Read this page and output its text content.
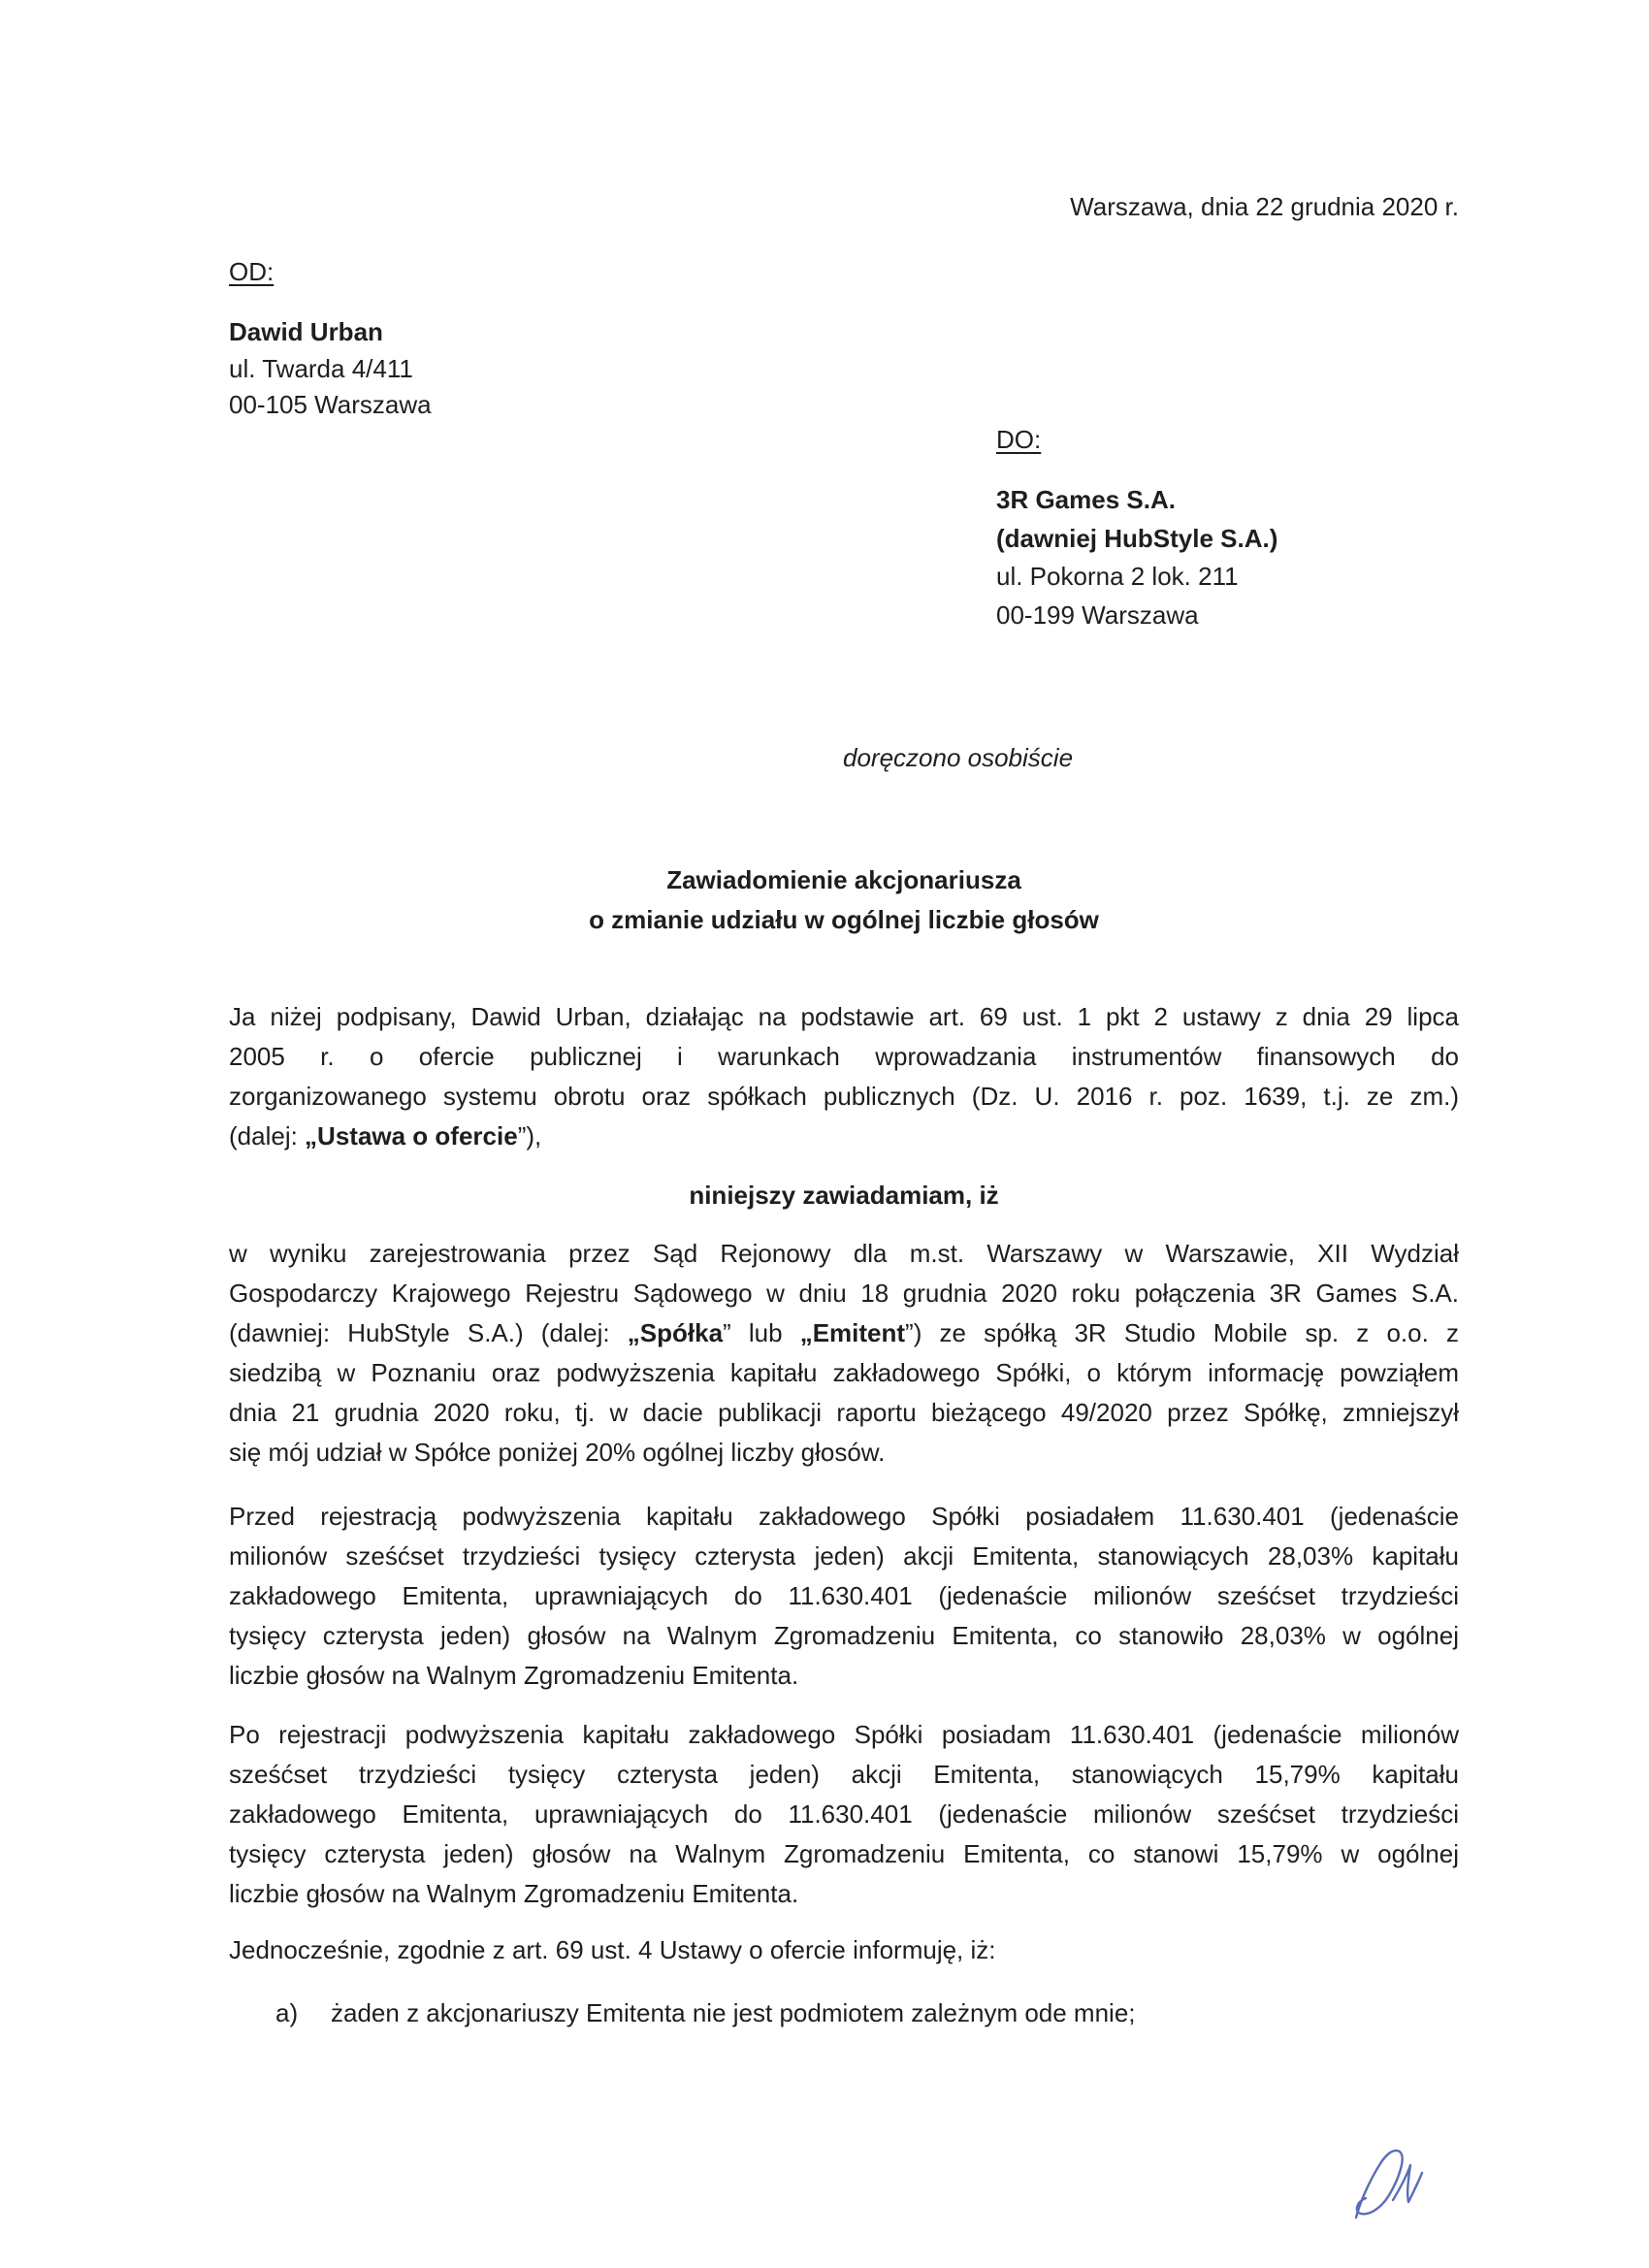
Warszawa, dnia 22 grudnia 2020 r.
OD:
Dawid Urban
ul. Twarda 4/411
00-105 Warszawa
DO:
3R Games S.A.
(dawniej HubStyle S.A.)
ul. Pokorna 2 lok. 211
00-199 Warszawa
doręczono osobiście
Zawiadomienie akcjonariusza
o zmianie udziału w ogólnej liczbie głosów
Ja niżej podpisany, Dawid Urban, działając na podstawie art. 69 ust. 1 pkt 2 ustawy z dnia 29 lipca
2005 r. o ofercie publicznej i warunkach wprowadzania instrumentów finansowych do
zorganizowanego systemu obrotu oraz spółkach publicznych (Dz. U. 2016 r. poz. 1639, t.j. ze zm.)
(dalej: „Ustawa o ofercie”),
niniejszy zawiadamiam, iż
w wyniku zarejestrowania przez Sąd Rejonowy dla m.st. Warszawy w Warszawie, XII Wydział
Gospodarczy Krajowego Rejestru Sądowego w dniu 18 grudnia 2020 roku połączenia 3R Games S.A.
(dawniej: HubStyle S.A.) (dalej: „Spółka” lub „Emitent”) ze spółką 3R Studio Mobile sp. z o.o. z
siedzibą w Poznaniu oraz podwyższenia kapitału zakładowego Spółki, o którym informację powziąłem
dnia 21 grudnia 2020 roku, tj. w dacie publikacji raportu bieżącego 49/2020 przez Spółkę, zmniejszył
się mój udział w Spółce poniżej 20% ogólnej liczby głosów.
Przed rejestracją podwyższenia kapitału zakładowego Spółki posiadałem 11.630.401 (jedenaście
milionów sześćset trzydzieści tysięcy czterysta jeden) akcji Emitenta, stanowiących 28,03% kapitału
zakładowego Emitenta, uprawniających do 11.630.401 (jedenaście milionów sześćset trzydzieści
tysięcy czterysta jeden) głosów na Walnym Zgromadzeniu Emitenta, co stanowiło 28,03% w ogólnej
liczbie głosów na Walnym Zgromadzeniu Emitenta.
Po rejestracji podwyższenia kapitału zakładowego Spółki posiadam 11.630.401 (jedenaście milionów
sześćset trzydzieści tysięcy czterysta jeden) akcji Emitenta, stanowiących 15,79% kapitału
zakładowego Emitenta, uprawniających do 11.630.401 (jedenaście milionów sześćset trzydzieści
tysięcy czterysta jeden) głosów na Walnym Zgromadzeniu Emitenta, co stanowi 15,79% w ogólnej
liczbie głosów na Walnym Zgromadzeniu Emitenta.
Jednocześnie, zgodnie z art. 69 ust. 4 Ustawy o ofercie informuję, iż:
a) żaden z akcjonariuszy Emitenta nie jest podmiotem zależnym ode mnie;
